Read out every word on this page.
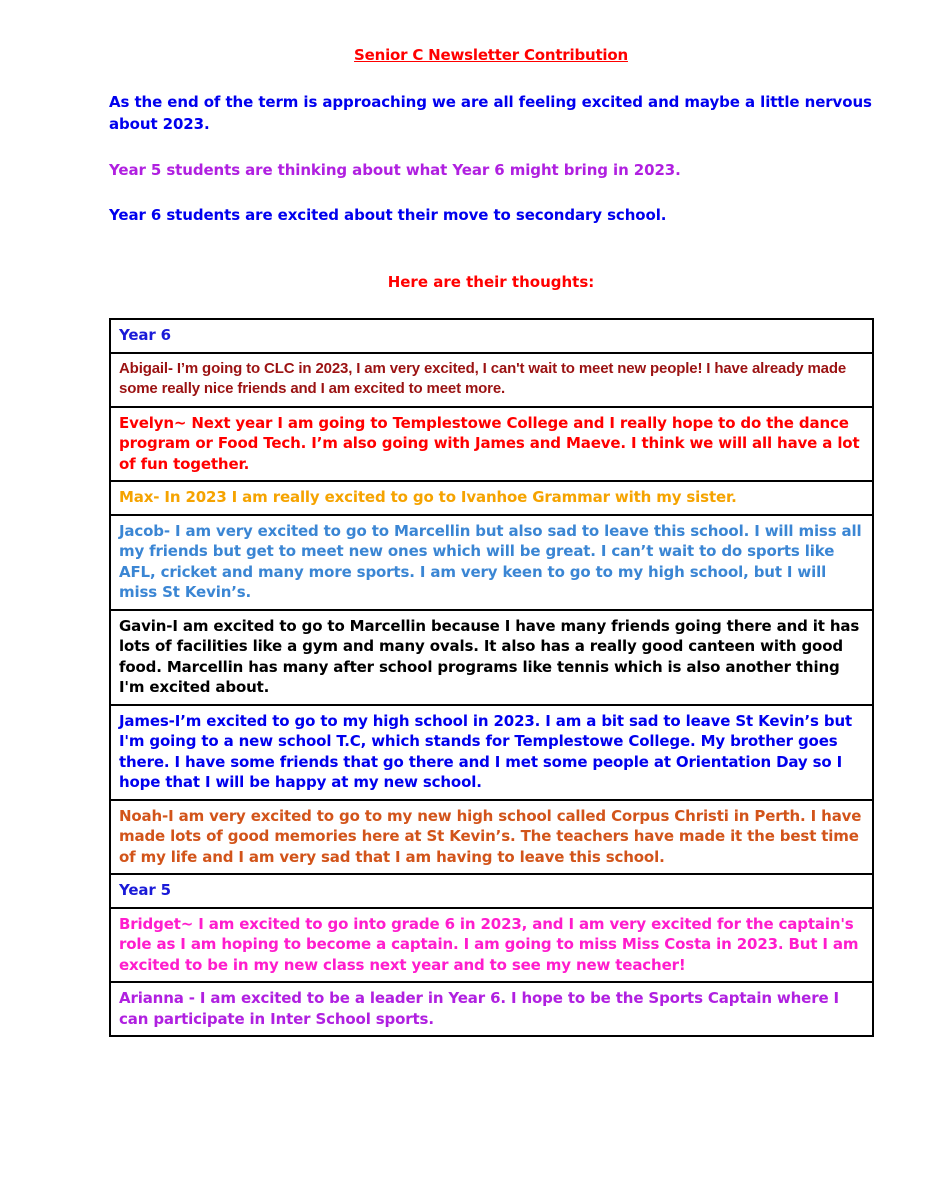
Senior C Newsletter Contribution
As the end of the term is approaching we are all feeling excited and maybe a little nervous about 2023.
Year 5 students are thinking about what Year 6 might bring in 2023.
Year 6 students are excited about their move to secondary school.
Here are their thoughts:
Year 6
Abigail- I’m going to CLC in 2023, I am very excited, I can't wait to meet new people! I have already made some really nice friends and I am excited to meet more.
Evelyn~ Next year I am going to Templestowe College and I really hope to do the dance program or Food Tech. I’m also going with James and Maeve. I think we will all have a lot of fun together.
Max- In 2023 I am really excited to go to Ivanhoe Grammar with my sister.
Jacob- I am very excited to go to Marcellin but also sad to leave this school. I will miss all my friends but get to meet new ones which will be great. I can’t wait to do sports like AFL, cricket and many more sports. I am very keen to go to my high school, but I will miss St Kevin’s.
Gavin-I am excited to go to Marcellin because I have many friends going there and it has lots of facilities like a gym and many ovals. It also has a really good canteen with good food. Marcellin has many after school programs like tennis which is also another thing I'm excited about.
James-I’m excited to go to my high school in 2023. I am a bit sad to leave St Kevin’s but I'm going to a new school T.C, which stands for Templestowe College. My brother goes there. I have some friends that go there and I met some people at Orientation Day so I hope that I will be happy at my new school.
Noah-I am very excited to go to my new high school called Corpus Christi in Perth. I have made lots of good memories here at St Kevin’s. The teachers have made it the best time of my life and I am very sad that I am having to leave this school.
Year 5
Bridget~ I am excited to go into grade 6 in 2023, and I am very excited for the captain's role as I am hoping to become a captain. I am going to miss Miss Costa in 2023. But I am excited to be in my new class next year and to see my new teacher!
Arianna - I am excited to be a leader in Year 6. I hope to be the Sports Captain where I can participate in Inter School sports.
